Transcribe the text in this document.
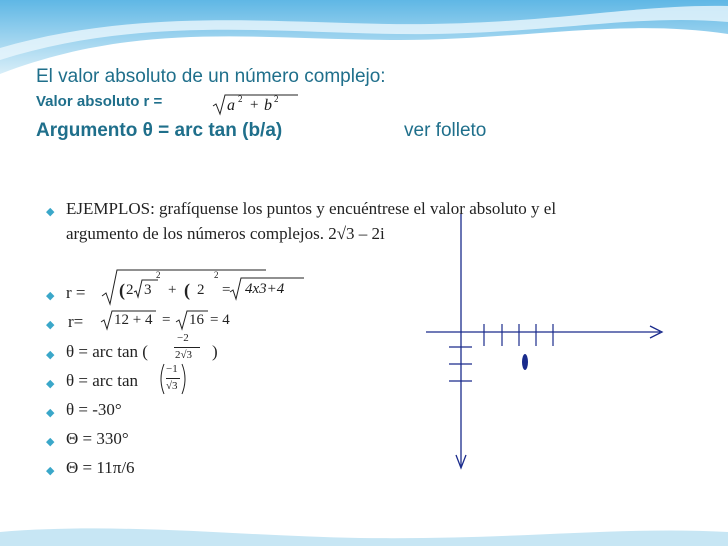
El valor absoluto de un número complejo:
Valor absoluto r =	a 2 + b 2
Argumento θ = arc tan (b/a)	ver folleto
◆ EJEMPLOS: grafíquense los puntos y encuéntrese el valor absoluto y el
argumento de los números complejos. 2√3 – 2i
◆ r = ( 2 3
2
+ ( 2
2
= 4x3+4
◆ r= 12 + 4 = 16 = 4
◆ θ = arc tan (
−2
2√3 )
◆ θ = arc tan
−1
√3
◆ θ = -30°
◆ Θ = 330°
◆ Θ = 11π/6
